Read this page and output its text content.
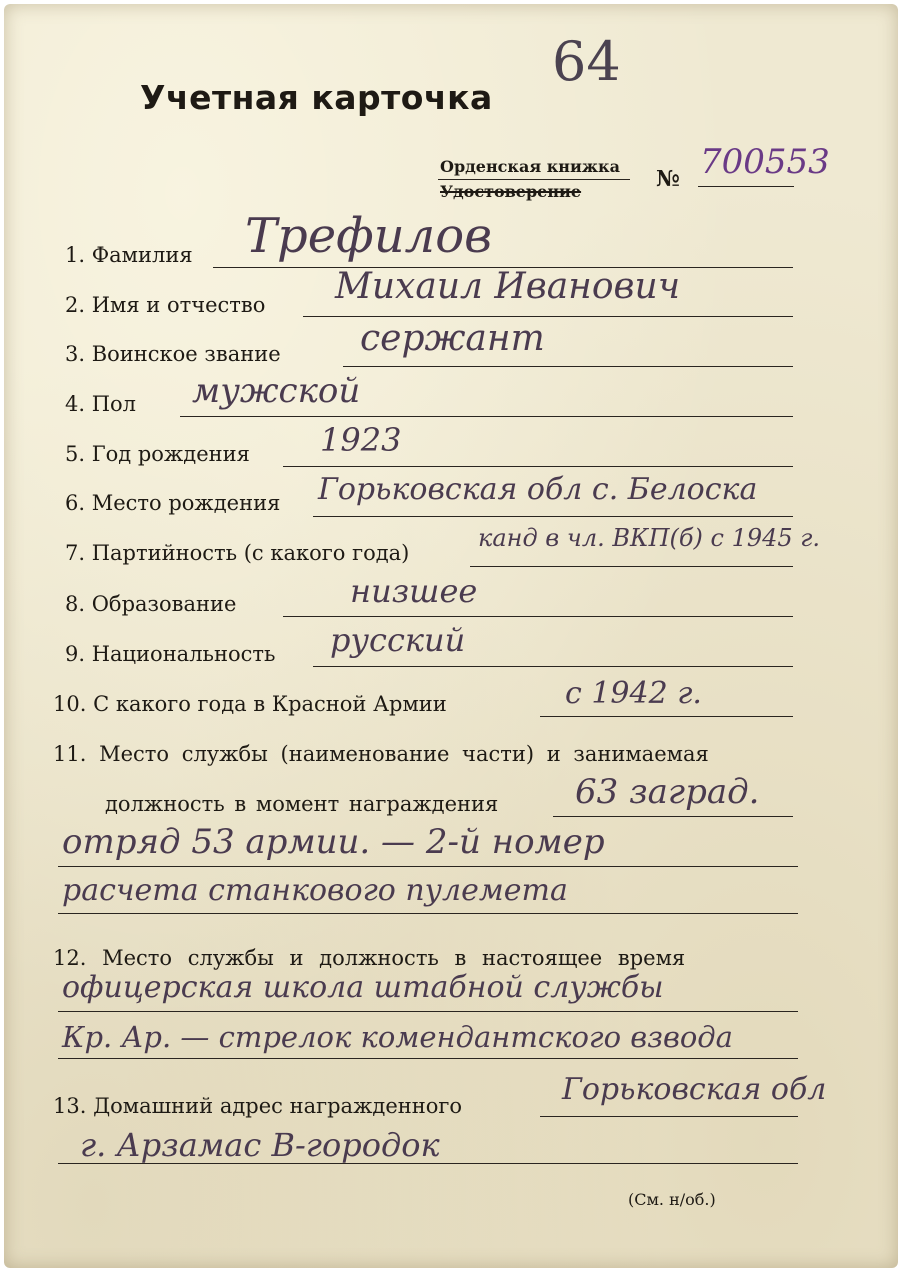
Учетная карточка
64
Орденская книжка
Удостоверение	№ 700553
1. Фамилия Трефилов
2. Имя и отчество Михаил Иванович
3. Воинское звание сержант
4. Пол мужской
5. Год рождения 1923
6. Место рождения Горьковская обл с. Белоска
7. Партийность (с какого года)
канд в чл. ВКП(б) с 1945 г.
8. Образование	низшее
9. Национальность русский
10. С какого года в Красной Армии	с 1942 г.
11. Место службы (наименование части) и занимаемая
должность в момент награждения 63 заград.
отряд 53 армии. — 2-й номер
расчета станкового пулемета
12. Место службы и должность в настоящее время
офицерская школа штабной службы
Кр. Ар. — стрелок комендантского взвода
13. Домашний адрес награжденного	Горьковская обл
г. Арзамас В-городок
(См. н/об.)
